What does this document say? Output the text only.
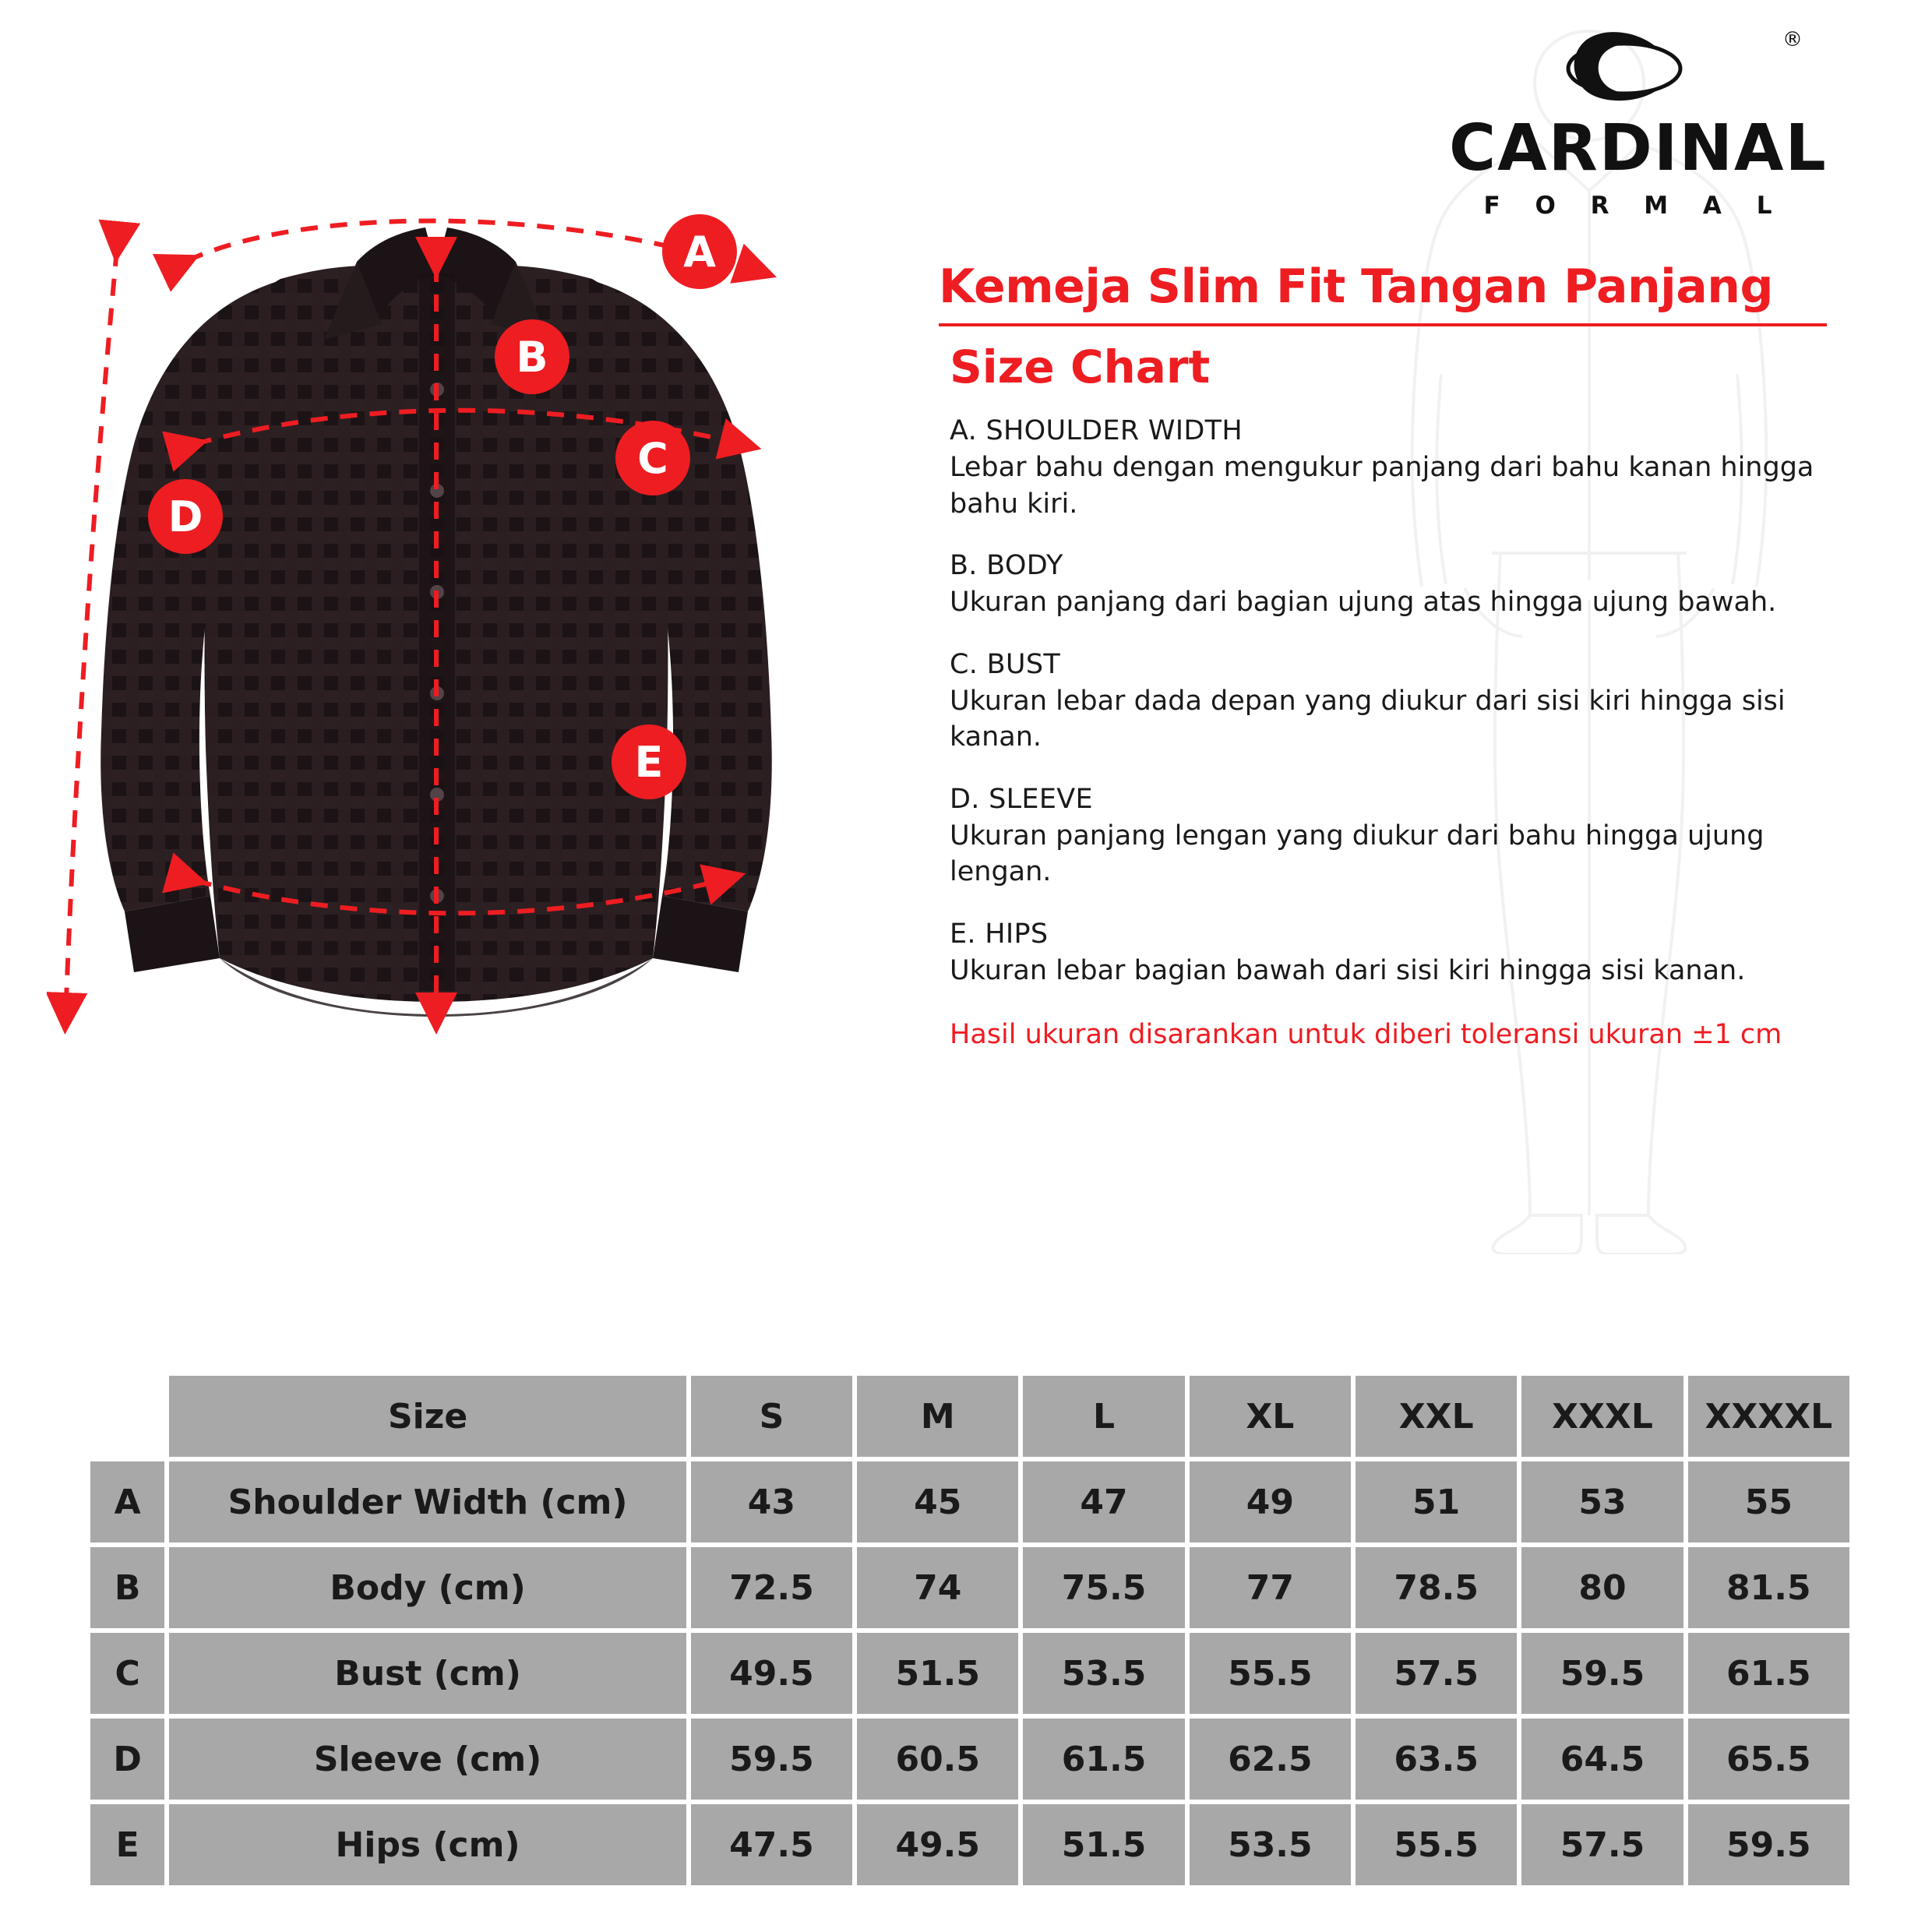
®
CARDINAL
F O R M A L
A
B
C
D
E
Kemeja Slim Fit Tangan Panjang
Size Chart
A. SHOULDER WIDTH
Lebar bahu dengan mengukur panjang dari bahu kanan hingga bahu kiri.
B. BODY
Ukuran panjang dari bagian ujung atas hingga ujung bawah.
C. BUST
Ukuran lebar dada depan yang diukur dari sisi kiri hingga sisi kanan.
D. SLEEVE
Ukuran panjang lengan yang diukur dari bahu hingga ujung lengan.
E. HIPS
Ukuran lebar bagian bawah dari sisi kiri hingga sisi kanan.
Hasil ukuran disarankan untuk diberi toleransi ukuran ±1 cm
	Size	S	M	L	XL	XXL	XXXL	XXXXL
A	Shoulder Width (cm)	43	45	47	49	51	53	55
B	Body (cm)	72.5	74	75.5	77	78.5	80	81.5
C	Bust (cm)	49.5	51.5	53.5	55.5	57.5	59.5	61.5
D	Sleeve (cm)	59.5	60.5	61.5	62.5	63.5	64.5	65.5
E	Hips (cm)	47.5	49.5	51.5	53.5	55.5	57.5	59.5
